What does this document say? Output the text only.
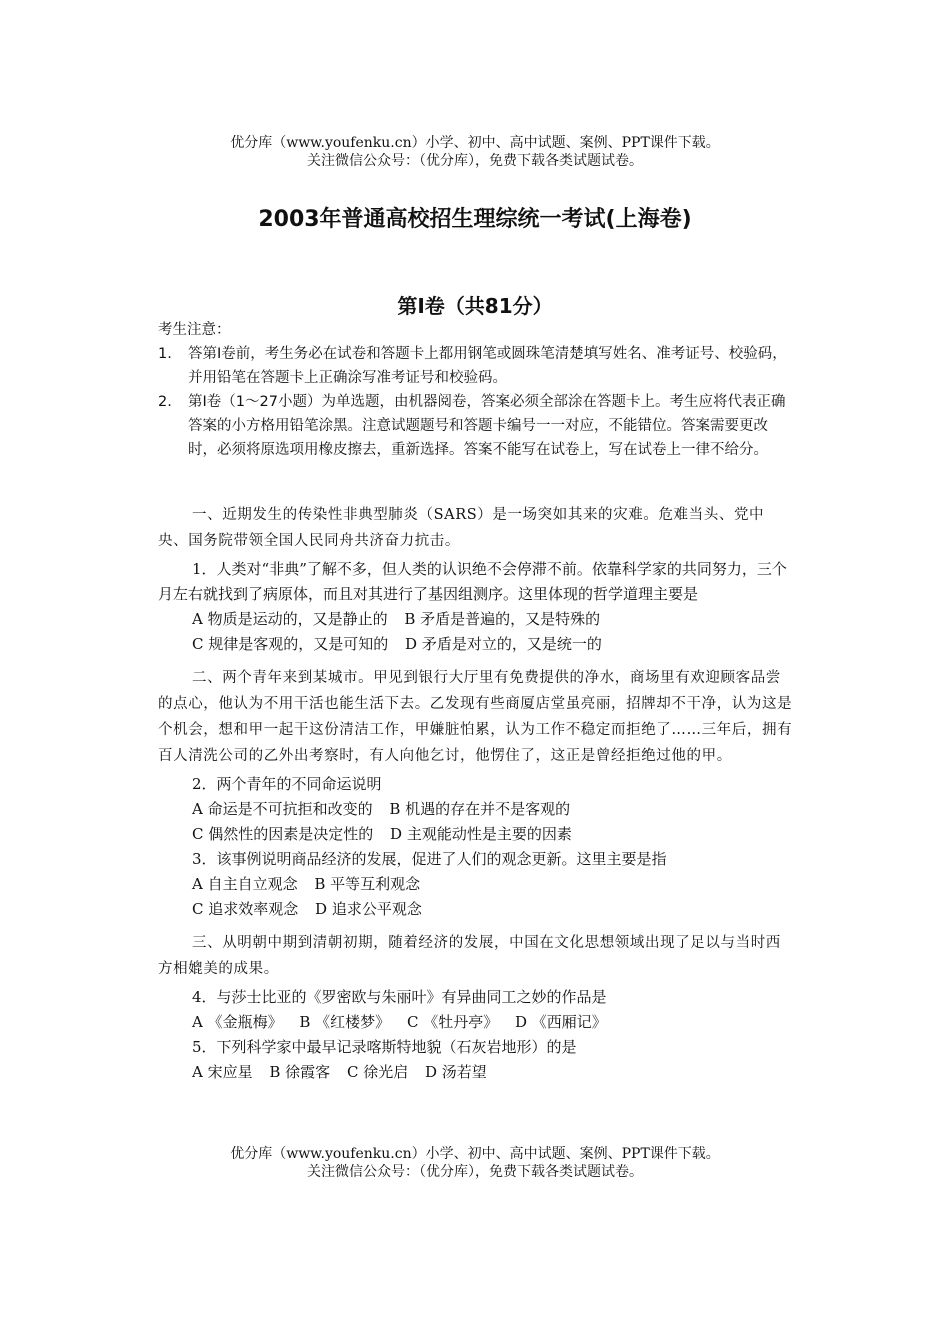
优分库（www.youfenku.cn）小学、初中、高中试题、案例、PPT课件下载。
关注微信公众号：（优分库），免费下载各类试题试卷。
2003年普通高校招生理综统一考试(上海卷)
第Ⅰ卷（共81分）
考生注意：
1.	答第Ⅰ卷前，考生务必在试卷和答题卡上都用钢笔或圆珠笔清楚填写姓名、准考证号、校验码，并用铅笔在答题卡上正确涂写准考证号和校验码。
2.	第Ⅰ卷（1～27小题）为单选题，由机器阅卷，答案必须全部涂在答题卡上。考生应将代表正确答案的小方格用铅笔涂黑。注意试题题号和答题卡编号一一对应，不能错位。答案需要更改时，必须将原选项用橡皮擦去，重新选择。答案不能写在试卷上，写在试卷上一律不给分。

一、近期发生的传染性非典型肺炎（SARS）是一场突如其来的灾难。危难当头、党中央、国务院带领全国人民同舟共济奋力抗击。

1．人类对“非典”了解不多，但人类的认识绝不会停滞不前。依靠科学家的共同努力，三个月左右就找到了病原体，而且对其进行了基因组测序。这里体现的哲学道理主要是

A 物质是运动的，又是静止的 B 矛盾是普遍的，又是特殊的

C 规律是客观的，又是可知的 D 矛盾是对立的，又是统一的

二、两个青年来到某城市。甲见到银行大厅里有免费提供的净水，商场里有欢迎顾客品尝的点心，他认为不用干活也能生活下去。乙发现有些商厦店堂虽亮丽，招牌却不干净，认为这是个机会，想和甲一起干这份清洁工作，甲嫌脏怕累，认为工作不稳定而拒绝了……三年后，拥有百人清洗公司的乙外出考察时，有人向他乞讨，他愣住了，这正是曾经拒绝过他的甲。

2．两个青年的不同命运说明

A 命运是不可抗拒和改变的 B 机遇的存在并不是客观的

C 偶然性的因素是决定性的 D 主观能动性是主要的因素

3．该事例说明商品经济的发展，促进了人们的观念更新。这里主要是指

A 自主自立观念 B 平等互利观念

C 追求效率观念 D 追求公平观念

三、从明朝中期到清朝初期，随着经济的发展，中国在文化思想领域出现了足以与当时西方相媲美的成果。

4．与莎士比亚的《罗密欧与朱丽叶》有异曲同工之妙的作品是

A 《金瓶梅》 B 《红楼梦》 C 《牡丹亭》 D 《西厢记》

5．下列科学家中最早记录喀斯特地貌（石灰岩地形）的是

A 宋应星 B 徐霞客 C 徐光启 D 汤若望

优分库（www.youfenku.cn）小学、初中、高中试题、案例、PPT课件下载。
关注微信公众号：（优分库），免费下载各类试题试卷。
